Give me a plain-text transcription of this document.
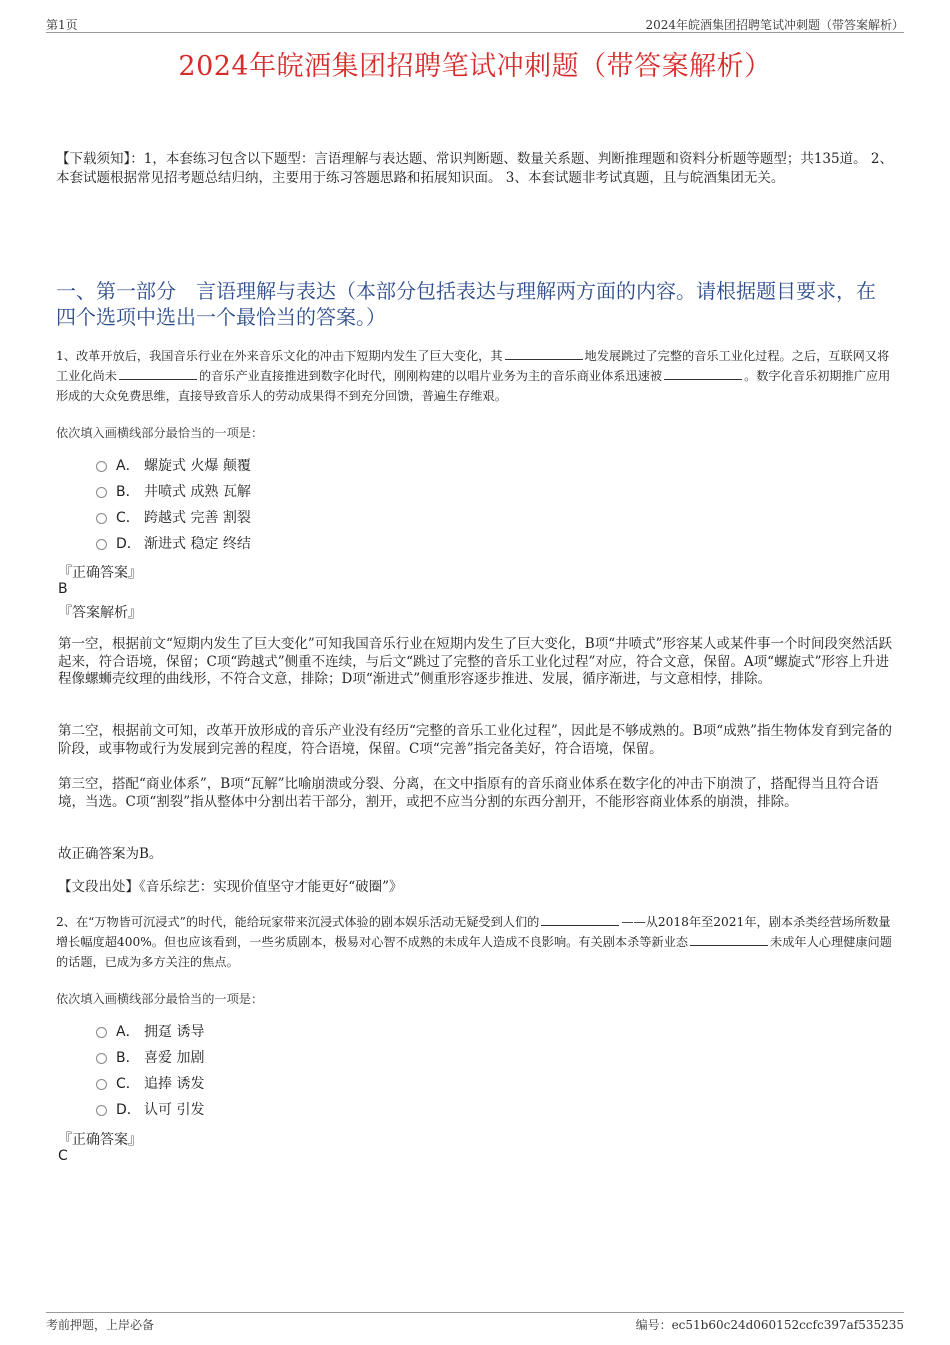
第1页	2024年皖酒集团招聘笔试冲刺题（带答案解析）
2024年皖酒集团招聘笔试冲刺题（带答案解析）
【下载须知】：1，本套练习包含以下题型：言语理解与表达题、常识判断题、数量关系题、判断推理题和资料分析题等题型；共135道。 2、本套试题根据常见招考题总结归纳，主要用于练习答题思路和拓展知识面。 3、本套试题非考试真题，且与皖酒集团无关。
一、第一部分　言语理解与表达（本部分包括表达与理解两方面的内容。请根据题目要求，在四个选项中选出一个最恰当的答案。）
1、改革开放后，我国音乐行业在外来音乐文化的冲击下短期内发生了巨大变化，其	地发展跳过了完整的音乐工业化过程。之后，互联网又将工业化尚未	的音乐产业直接推进到数字化时代，刚刚构建的以唱片业务为主的音乐商业体系迅速被	。数字化音乐初期推广应用形成的大众免费思维，直接导致音乐人的劳动成果得不到充分回馈，普遍生存维艰。
依次填入画横线部分最恰当的一项是：
A． 螺旋式 火爆 颠覆
B． 井喷式 成熟 瓦解
C． 跨越式 完善 割裂
D． 渐进式 稳定 终结
『正确答案』
B
『答案解析』
第一空，根据前文“短期内发生了巨大变化”可知我国音乐行业在短期内发生了巨大变化，B项“井喷式”形容某人或某件事一个时间段突然活跃起来，符合语境，保留；C项“跨越式”侧重不连续，与后文“跳过了完整的音乐工业化过程”对应，符合文意，保留。A项“螺旋式”形容上升进程像螺蛳壳纹理的曲线形，不符合文意，排除；D项“渐进式”侧重形容逐步推进、发展，循序渐进，与文意相悖，排除。
第二空，根据前文可知，改革开放形成的音乐产业没有经历“完整的音乐工业化过程”，因此是不够成熟的。B项“成熟”指生物体发育到完备的阶段，或事物或行为发展到完善的程度，符合语境，保留。C项“完善”指完备美好，符合语境，保留。
第三空，搭配“商业体系”，B项“瓦解”比喻崩溃或分裂、分离，在文中指原有的音乐商业体系在数字化的冲击下崩溃了，搭配得当且符合语境，当选。C项“割裂”指从整体中分割出若干部分，割开，或把不应当分割的东西分割开，不能形容商业体系的崩溃，排除。
故正确答案为B。
【文段出处】《音乐综艺：实现价值坚守才能更好“破圈”》
2、在“万物皆可沉浸式”的时代，能给玩家带来沉浸式体验的剧本娱乐活动无疑受到人们的	——从2018年至2021年，剧本杀类经营场所数量增长幅度超400%。但也应该看到，一些劣质剧本，极易对心智不成熟的未成年人造成不良影响。有关剧本杀等新业态	未成年人心理健康问题的话题，已成为多方关注的焦点。
依次填入画横线部分最恰当的一项是：
A． 拥趸 诱导
B． 喜爱 加剧
C． 追捧 诱发
D． 认可 引发
『正确答案』
C
考前押题，上岸必备	编号：ec51b60c24d060152ccfc397af535235
